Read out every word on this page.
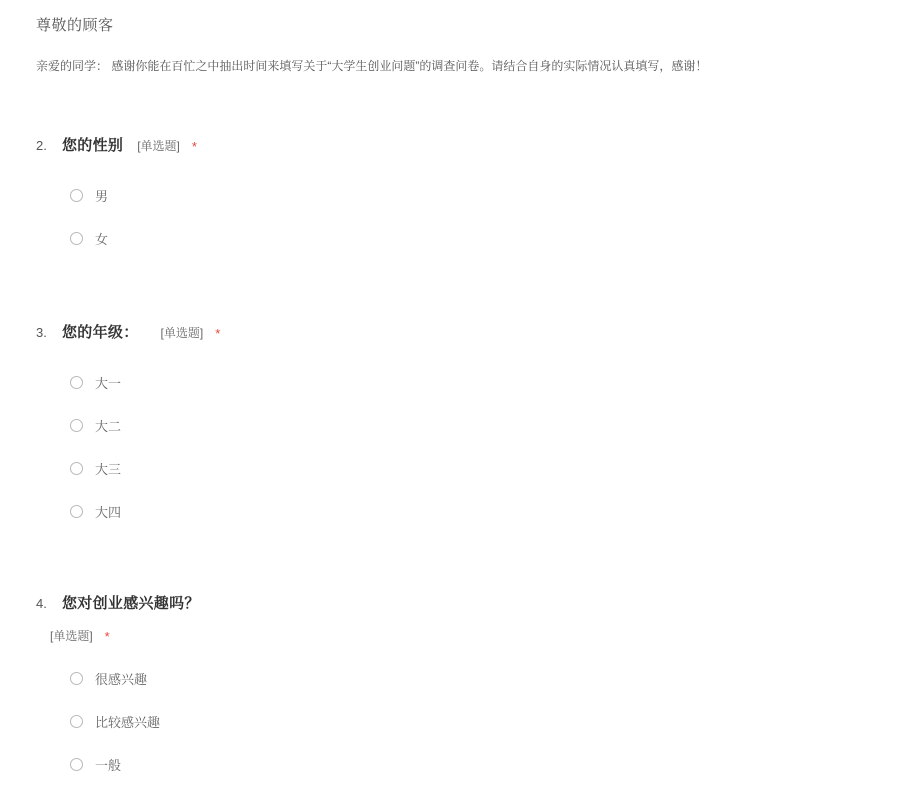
尊敬的顾客
亲爱的同学： 感谢你能在百忙之中抽出时间来填写关于“大学生创业问题”的调查问卷。请结合自身的实际情况认真填写，感谢！
2.	您的性别 [单选题] *
男
女
3.	您的年级： [单选题] *
大一
大二
大三
大四
4.	您对创业感兴趣吗？
[单选题] *
很感兴趣
比较感兴趣
一般
